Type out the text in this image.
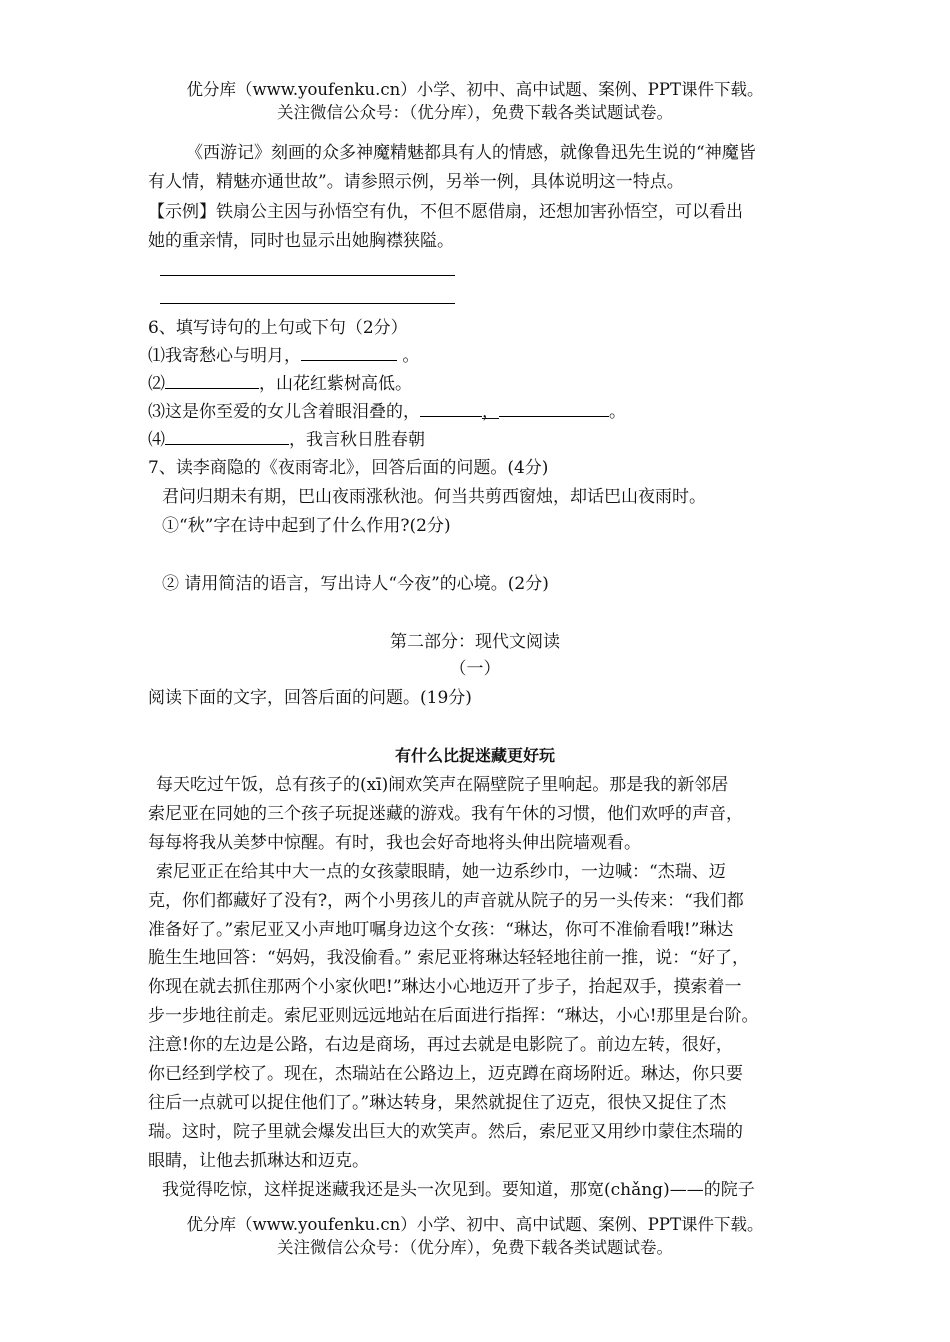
优分库（www.youfenku.cn）小学、初中、高中试题、案例、PPT课件下载。
关注微信公众号：（优分库），免费下载各类试题试卷。
《西游记》刻画的众多神魔精魅都具有人的情感，就像鲁迅先生说的“神魔皆
有人情，精魅亦通世故”。请参照示例，另举一例，具体说明这一特点。
【示例】铁扇公主因与孙悟空有仇，不但不愿借扇，还想加害孙悟空，可以看出
她的重亲情，同时也显示出她胸襟狭隘。
6、填写诗句的上句或下句（2分）
⑴我寄愁心与明月，	。
⑵	，山花红紫树高低。
⑶这是你至爱的女儿含着眼泪叠的，	，	。
⑷	，我言秋日胜春朝
7、读李商隐的《夜雨寄北》，回答后面的问题。(4分)
君问归期未有期，巴山夜雨涨秋池。何当共剪西窗烛，却话巴山夜雨时。
①“秋”字在诗中起到了什么作用?(2分)
② 请用简洁的语言，写出诗人“今夜”的心境。(2分)
第二部分：现代文阅读
（一）
阅读下面的文字，回答后面的问题。(19分)
有什么比捉迷藏更好玩

每天吃过午饭，总有孩子的(xī)闹欢笑声在隔壁院子里响起。那是我的新邻居

索尼亚在同她的三个孩子玩捉迷藏的游戏。我有午休的习惯，他们欢呼的声音，

每每将我从美梦中惊醒。有时，我也会好奇地将头伸出院墙观看。

索尼亚正在给其中大一点的女孩蒙眼睛，她一边系纱巾，一边喊：“杰瑞、迈

克，你们都藏好了没有?，两个小男孩儿的声音就从院子的另一头传来：“我们都

准备好了。”索尼亚又小声地叮嘱身边这个女孩：“琳达，你可不准偷看哦!”琳达

脆生生地回答：“妈妈，我没偷看。” 索尼亚将琳达轻轻地往前一推，说：“好了，

你现在就去抓住那两个小家伙吧!”琳达小心地迈开了步子，抬起双手，摸索着一

步一步地往前走。索尼亚则远远地站在后面进行指挥：“琳达，小心!那里是台阶。

注意!你的左边是公路，右边是商场，再过去就是电影院了。前边左转，很好，

你已经到学校了。现在，杰瑞站在公路边上，迈克蹲在商场附近。琳达，你只要

往后一点就可以捉住他们了。”琳达转身，果然就捉住了迈克，很快又捉住了杰

瑞。这时，院子里就会爆发出巨大的欢笑声。然后，索尼亚又用纱巾蒙住杰瑞的

眼睛，让他去抓琳达和迈克。

我觉得吃惊，这样捉迷藏我还是头一次见到。要知道，那宽(chǎng)——的院子

优分库（www.youfenku.cn）小学、初中、高中试题、案例、PPT课件下载。
关注微信公众号：（优分库），免费下载各类试题试卷。
